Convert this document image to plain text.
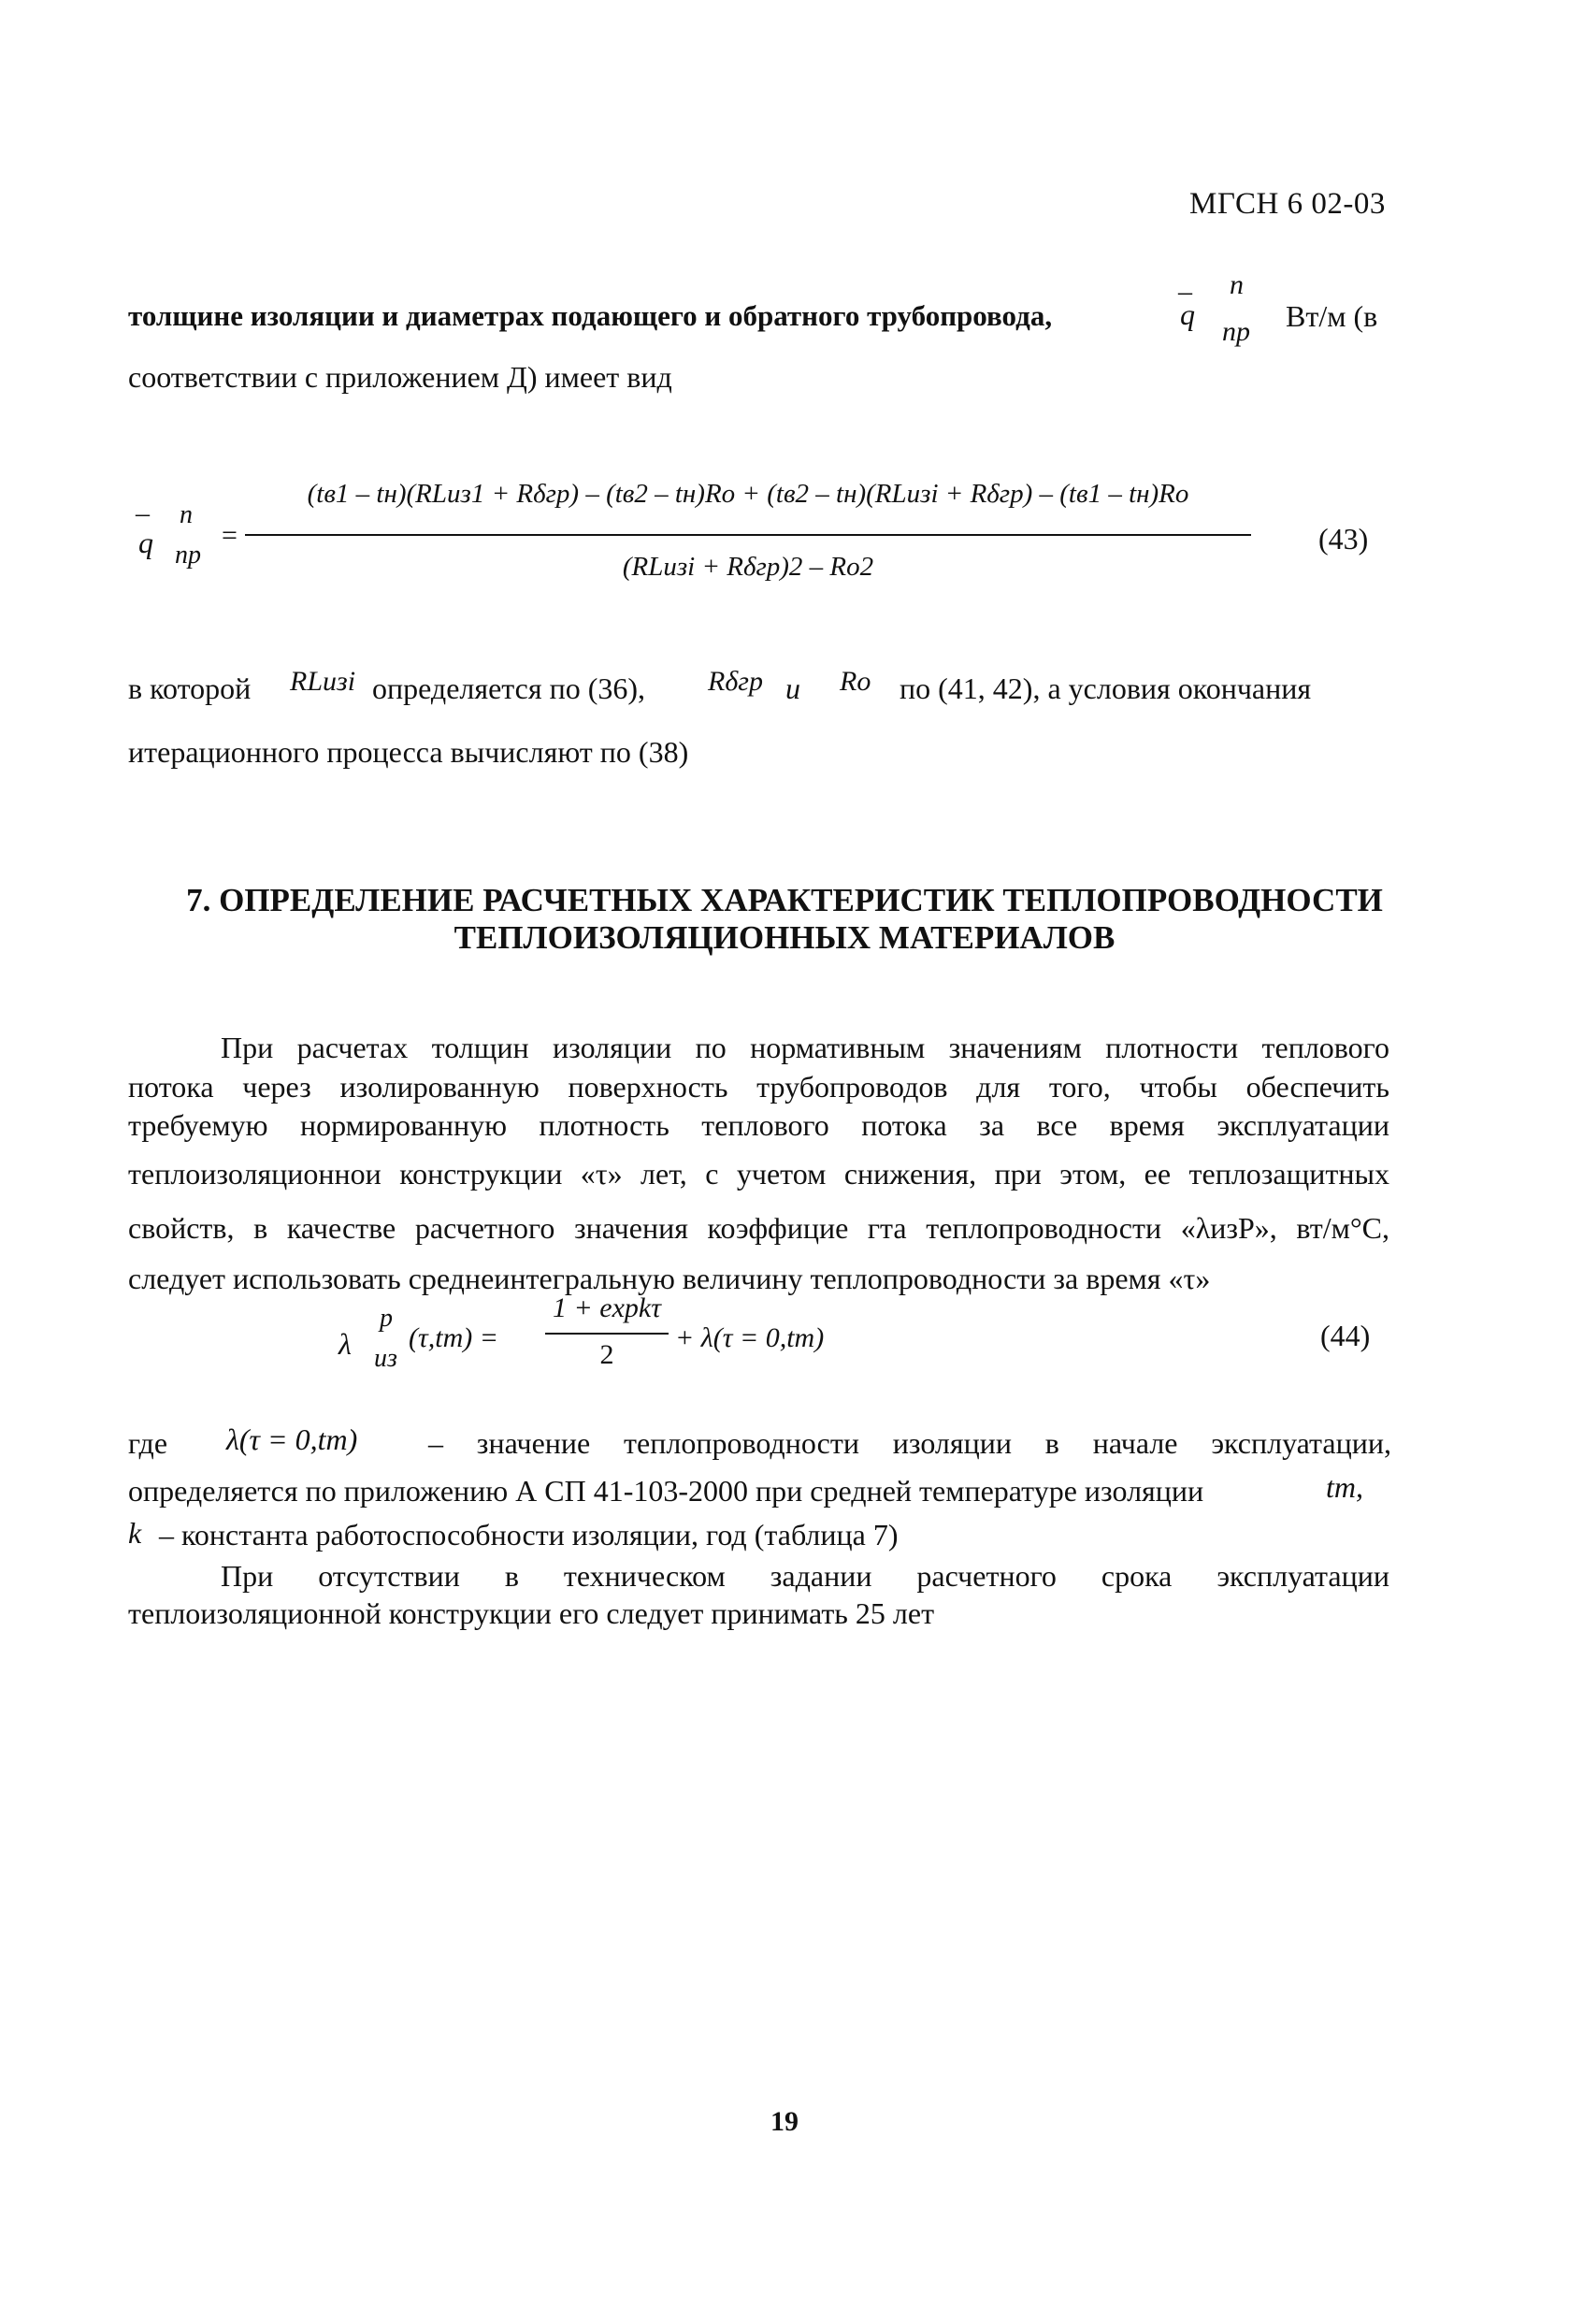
МГСН 6 02-03
толщине изоляции и диаметрах подающего и обратного трубопровода,
–
q
n
np Вт/м (в
соответствии с приложением Д) имеет вид
–
q
n
np
=
(tв1 – tн)(RLиз1 + Rδгр) – (tв2 – tн)Ro + (tв2 – tн)(RLизi + Rδгр) – (tв1 – tн)Ro
(RLизi + Rδгр)2 – Ro2
(43)
в которой RLизi определяется по (36), Rδгр и Ro по (41, 42), а условия окончания
итерационного процесса вычисляют по (38)
7. ОПРЕДЕЛЕНИЕ РАСЧЕТНЫХ ХАРАКТЕРИСТИК ТЕПЛОПРОВОДНОСТИ
ТЕПЛОИЗОЛЯЦИОННЫХ МАТЕРИАЛОВ
При расчетах толщин изоляции по нормативным значениям плотности теплового
потока через изолированную поверхность трубопроводов для того, чтобы обеспечить
требуемую нормированную плотность теплового потока за все время эксплуатации
теплоизоляционнои конструкции «τ» лет, с учетом снижения, при этом, ее теплозащитных
свойств, в качестве расчетного значения коэффицие гта теплопроводности «λизP», вт/м°С,
следует использовать среднеинтегральную величину теплопроводности за время «τ»
λ
p
из
(τ,tm) =
1 + expkτ
2
+ λ(τ = 0,tm)	(44)
где λ(τ = 0,tm) – значение теплопроводности изоляции в начале эксплуатации,
определяется по приложению А СП 41-103-2000 при средней температуре изоляции	tm,
k – константа работоспособности изоляции, год (таблица 7)
При отсутствии в техническом задании расчетного срока эксплуатации
теплоизоляционной конструкции его следует принимать 25 лет
19
